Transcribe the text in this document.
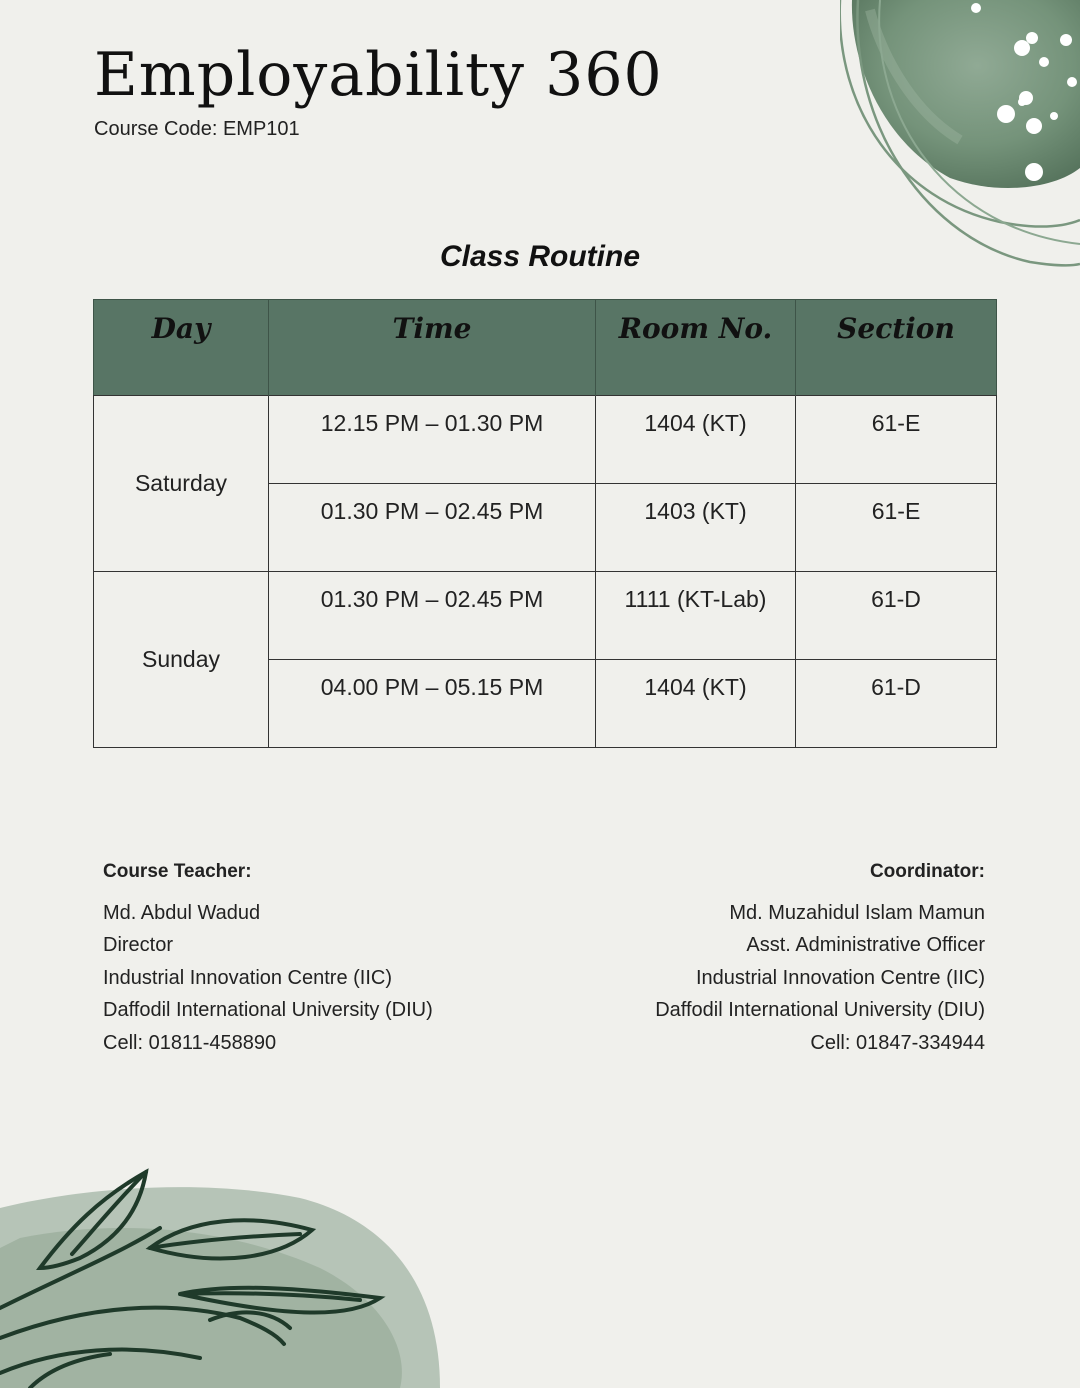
Employability 360
Course Code: EMP101
Class Routine
Day	Time	Room No.	Section
Saturday	12.15 PM – 01.30 PM	1404 (KT)	61-E
	01.30 PM – 02.45 PM	1403 (KT)	61-E
Sunday	01.30 PM – 02.45 PM	1111 (KT-Lab)	61-D
	04.00 PM – 05.15 PM	1404 (KT)	61-D
Course Teacher:
Md. Abdul Wadud
Director
Industrial Innovation Centre (IIC)
Daffodil International University (DIU)
Cell: 01811-458890
Coordinator:
Md. Muzahidul Islam Mamun
Asst. Administrative Officer
Industrial Innovation Centre (IIC)
Daffodil International University (DIU)
Cell: 01847-334944
